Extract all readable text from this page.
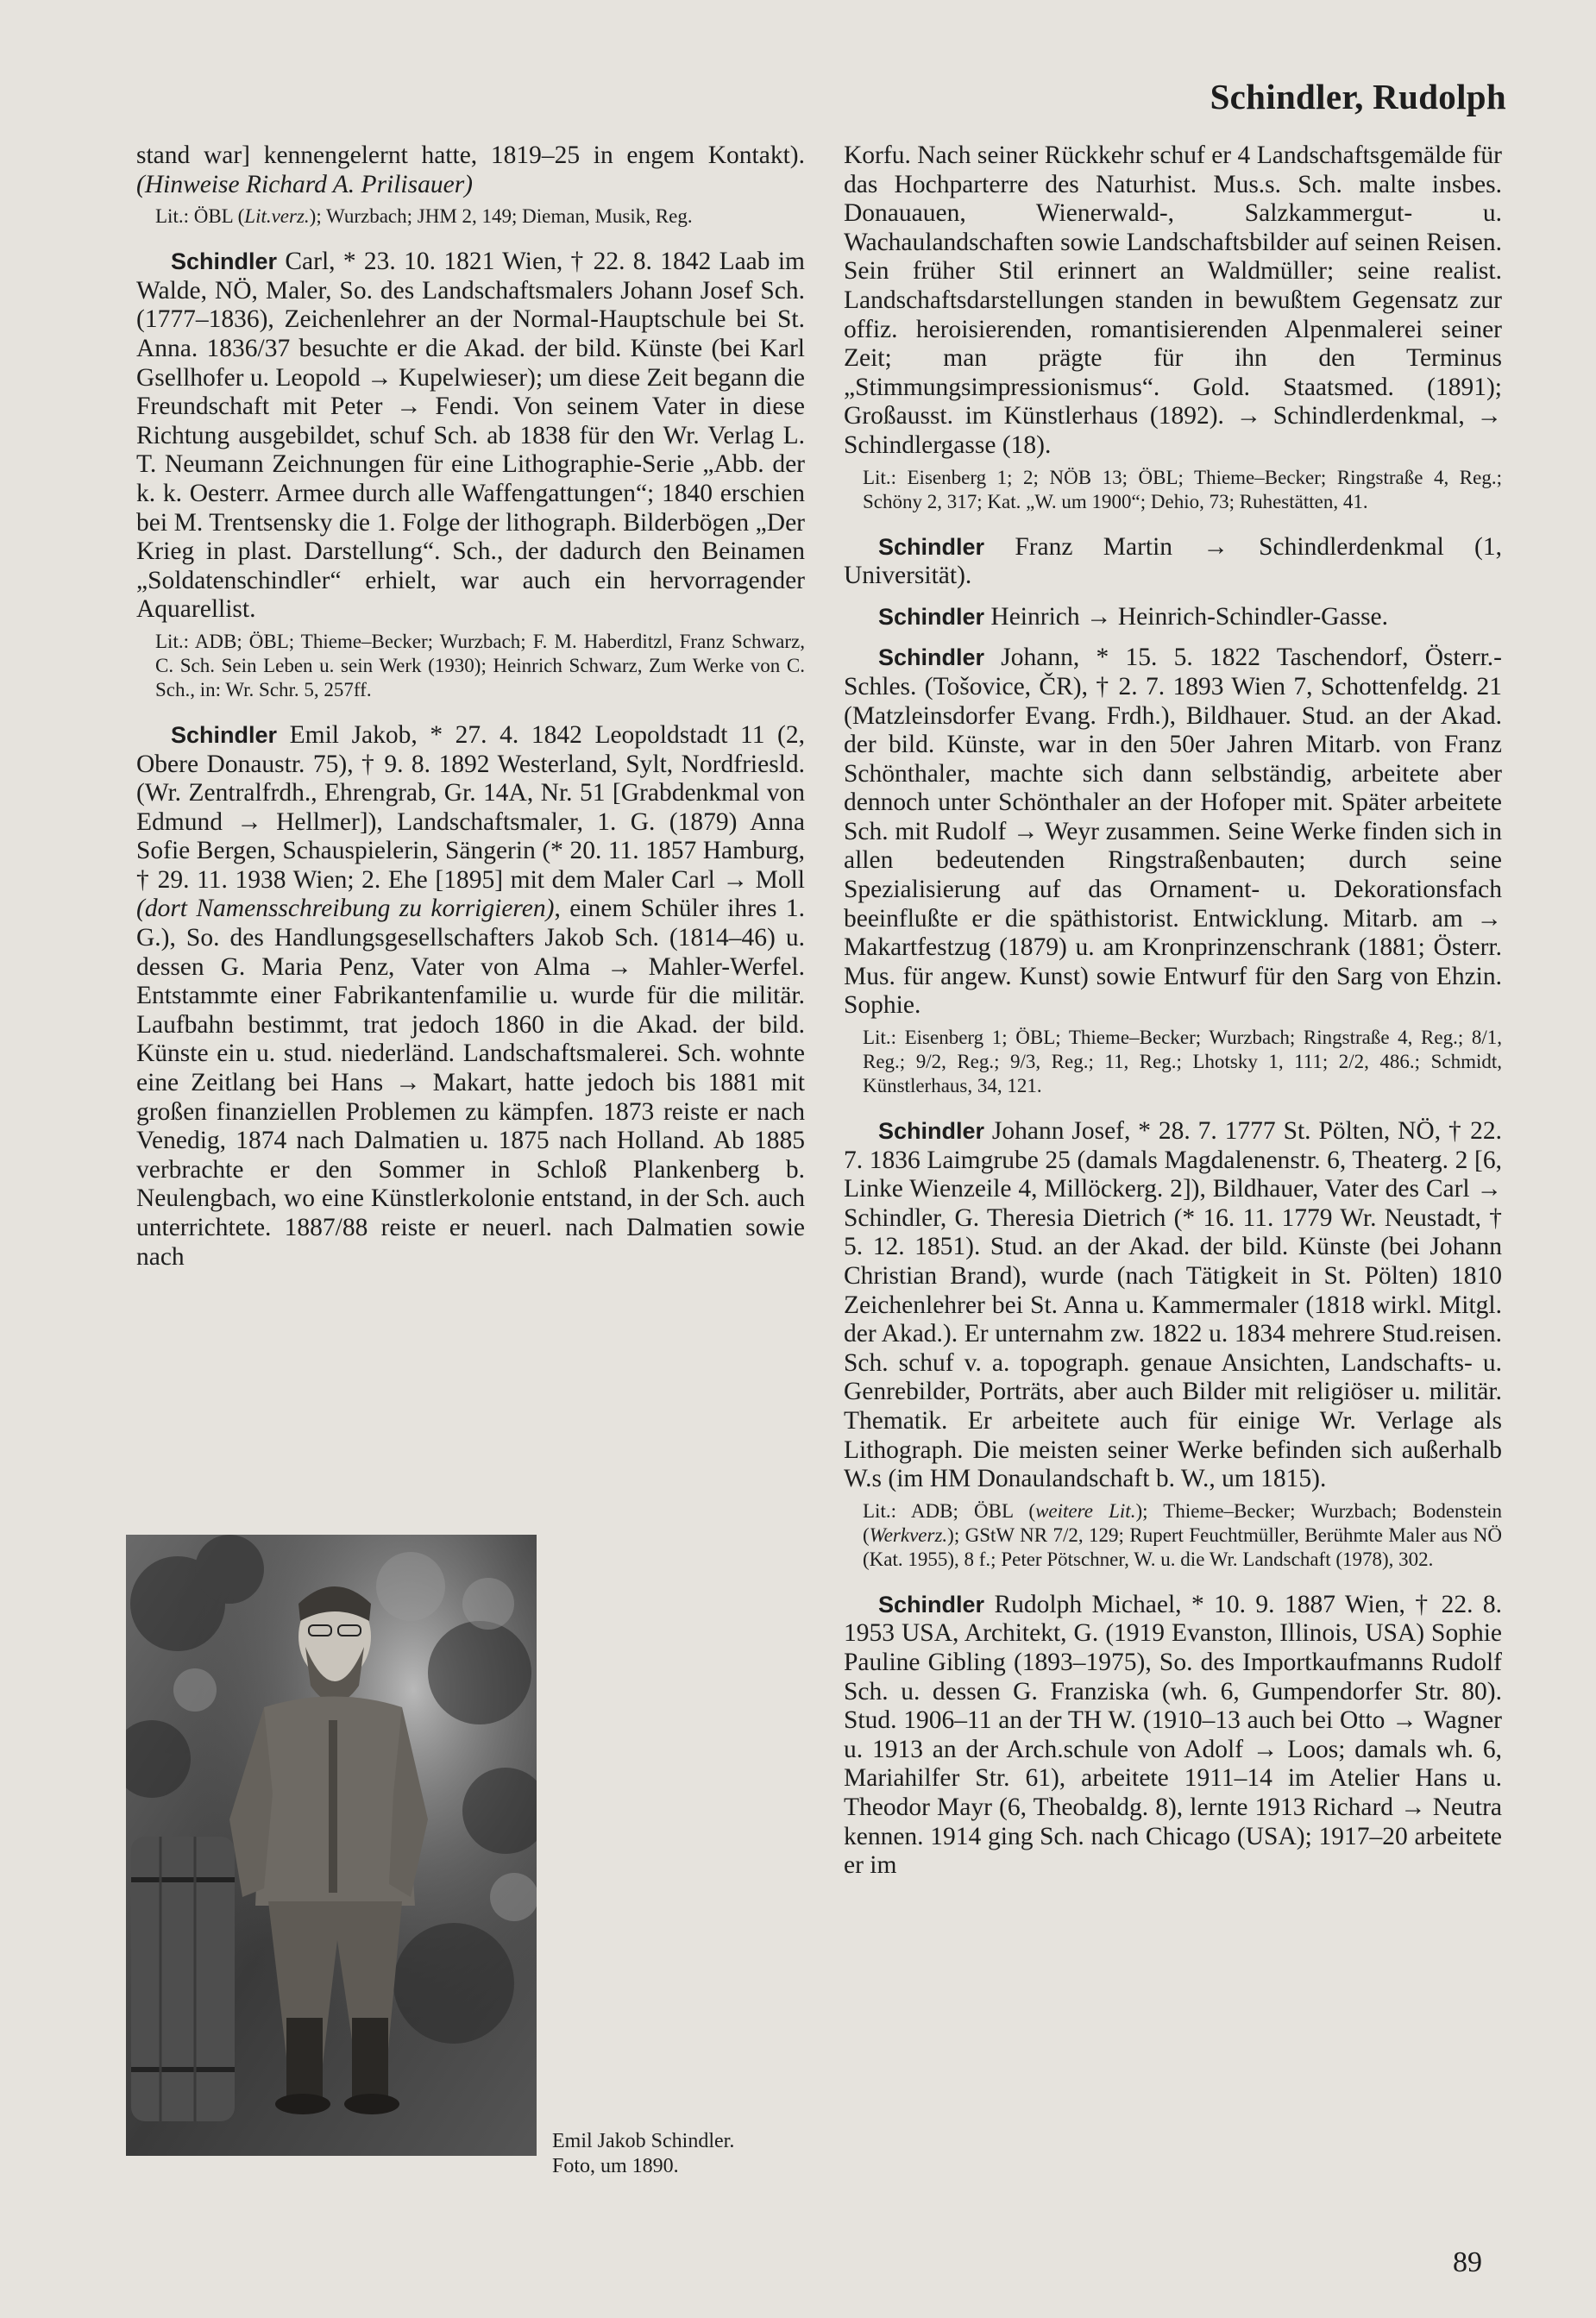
Schindler, Rudolph

stand war] kennengelernt hatte, 1819–25 in engem Kontakt). (Hinweise Richard A. Prilisauer)

Lit.: ÖBL (Lit.verz.); Wurzbach; JHM 2, 149; Dieman, Musik, Reg.

Schindler Carl, * 23. 10. 1821 Wien, † 22. 8. 1842 Laab im Walde, NÖ, Maler, So. des Landschaftsmalers Johann Josef Sch. (1777–1836), Zeichenlehrer an der Normal-Hauptschule bei St. Anna. 1836/37 besuchte er die Akad. der bild. Künste (bei Karl Gsellhofer u. Leopold → Kupelwieser); um diese Zeit begann die Freundschaft mit Peter → Fendi. Von seinem Vater in diese Richtung ausgebildet, schuf Sch. ab 1838 für den Wr. Verlag L. T. Neumann Zeichnungen für eine Lithographie-Serie „Abb. der k. k. Oesterr. Armee durch alle Waffengattungen“; 1840 erschien bei M. Trentsensky die 1. Folge der lithograph. Bilderbögen „Der Krieg in plast. Darstellung“. Sch., der dadurch den Beinamen „Soldatenschindler“ erhielt, war auch ein hervorragender Aquarellist.

Lit.: ADB; ÖBL; Thieme–Becker; Wurzbach; F. M. Haberditzl, Franz Schwarz, C. Sch. Sein Leben u. sein Werk (1930); Heinrich Schwarz, Zum Werke von C. Sch., in: Wr. Schr. 5, 257ff.

Schindler Emil Jakob, * 27. 4. 1842 Leopoldstadt 11 (2, Obere Donaustr. 75), † 9. 8. 1892 Westerland, Sylt, Nordfriesld. (Wr. Zentralfrdh., Ehrengrab, Gr. 14A, Nr. 51 [Grabdenkmal von Edmund → Hellmer]), Landschaftsmaler, 1. G. (1879) Anna Sofie Bergen, Schauspielerin, Sängerin (* 20. 11. 1857 Hamburg, † 29. 11. 1938 Wien; 2. Ehe [1895] mit dem Maler Carl → Moll (dort Namensschreibung zu korrigieren), einem Schüler ihres 1. G.), So. des Handlungsgesellschafters Jakob Sch. (1814–46) u. dessen G. Maria Penz, Vater von Alma → Mahler-Werfel. Entstammte einer Fabrikantenfamilie u. wurde für die militär. Laufbahn bestimmt, trat jedoch 1860 in die Akad. der bild. Künste ein u. stud. niederländ. Landschaftsmalerei. Sch. wohnte eine Zeitlang bei Hans → Makart, hatte jedoch bis 1881 mit großen finanziellen Problemen zu kämpfen. 1873 reiste er nach Venedig, 1874 nach Dalmatien u. 1875 nach Holland. Ab 1885 verbrachte er den Sommer in Schloß Plankenberg b. Neulengbach, wo eine Künstlerkolonie entstand, in der Sch. auch unterrichtete. 1887/88 reiste er neuerl. nach Dalmatien sowie nach

Emil Jakob Schindler.
Foto, um 1890.

Korfu. Nach seiner Rückkehr schuf er 4 Landschaftsgemälde für das Hochparterre des Naturhist. Mus.s. Sch. malte insbes. Donauauen, Wienerwald-, Salzkammergut- u. Wachaulandschaften sowie Landschaftsbilder auf seinen Reisen. Sein früher Stil erinnert an Waldmüller; seine realist. Landschaftsdarstellungen standen in bewußtem Gegensatz zur offiz. heroisierenden, romantisierenden Alpenmalerei seiner Zeit; man prägte für ihn den Terminus „Stimmungsimpressionismus“. Gold. Staatsmed. (1891); Großausst. im Künstlerhaus (1892). → Schindlerdenkmal, → Schindlergasse (18).

Lit.: Eisenberg 1; 2; NÖB 13; ÖBL; Thieme–Becker; Ringstraße 4, Reg.; Schöny 2, 317; Kat. „W. um 1900“; Dehio, 73; Ruhestätten, 41.

Schindler Franz Martin → Schindlerdenkmal (1, Universität).

Schindler Heinrich → Heinrich-Schindler-Gasse.

Schindler Johann, * 15. 5. 1822 Taschendorf, Österr.-Schles. (Tošovice, ČR), † 2. 7. 1893 Wien 7, Schottenfeldg. 21 (Matzleinsdorfer Evang. Frdh.), Bildhauer. Stud. an der Akad. der bild. Künste, war in den 50er Jahren Mitarb. von Franz Schönthaler, machte sich dann selbständig, arbeitete aber dennoch unter Schönthaler an der Hofoper mit. Später arbeitete Sch. mit Rudolf → Weyr zusammen. Seine Werke finden sich in allen bedeutenden Ringstraßenbauten; durch seine Spezialisierung auf das Ornament- u. Dekorationsfach beeinflußte er die späthistorist. Entwicklung. Mitarb. am → Makartfestzug (1879) u. am Kronprinzenschrank (1881; Österr. Mus. für angew. Kunst) sowie Entwurf für den Sarg von Ehzin. Sophie.

Lit.: Eisenberg 1; ÖBL; Thieme–Becker; Wurzbach; Ringstraße 4, Reg.; 8/1, Reg.; 9/2, Reg.; 9/3, Reg.; 11, Reg.; Lhotsky 1, 111; 2/2, 486.; Schmidt, Künstlerhaus, 34, 121.

Schindler Johann Josef, * 28. 7. 1777 St. Pölten, NÖ, † 22. 7. 1836 Laimgrube 25 (damals Magdalenenstr. 6, Theaterg. 2 [6, Linke Wienzeile 4, Millöckerg. 2]), Bildhauer, Vater des Carl → Schindler, G. Theresia Dietrich (* 16. 11. 1779 Wr. Neustadt, † 5. 12. 1851). Stud. an der Akad. der bild. Künste (bei Johann Christian Brand), wurde (nach Tätigkeit in St. Pölten) 1810 Zeichenlehrer bei St. Anna u. Kammermaler (1818 wirkl. Mitgl. der Akad.). Er unternahm zw. 1822 u. 1834 mehrere Stud.reisen. Sch. schuf v. a. topograph. genaue Ansichten, Landschafts- u. Genrebilder, Porträts, aber auch Bilder mit religiöser u. militär. Thematik. Er arbeitete auch für einige Wr. Verlage als Lithograph. Die meisten seiner Werke befinden sich außerhalb W.s (im HM Donaulandschaft b. W., um 1815).

Lit.: ADB; ÖBL (weitere Lit.); Thieme–Becker; Wurzbach; Bodenstein (Werkverz.); GStW NR 7/2, 129; Rupert Feuchtmüller, Berühmte Maler aus NÖ (Kat. 1955), 8 f.; Peter Pötschner, W. u. die Wr. Landschaft (1978), 302.

Schindler Rudolph Michael, * 10. 9. 1887 Wien, † 22. 8. 1953 USA, Architekt, G. (1919 Evanston, Illinois, USA) Sophie Pauline Gibling (1893–1975), So. des Importkaufmanns Rudolf Sch. u. dessen G. Franziska (wh. 6, Gumpendorfer Str. 80). Stud. 1906–11 an der TH W. (1910–13 auch bei Otto → Wagner u. 1913 an der Arch.schule von Adolf → Loos; damals wh. 6, Mariahilfer Str. 61), arbeitete 1911–14 im Atelier Hans u. Theodor Mayr (6, Theobaldg. 8), lernte 1913 Richard → Neutra kennen. 1914 ging Sch. nach Chicago (USA); 1917–20 arbeitete er im

89
